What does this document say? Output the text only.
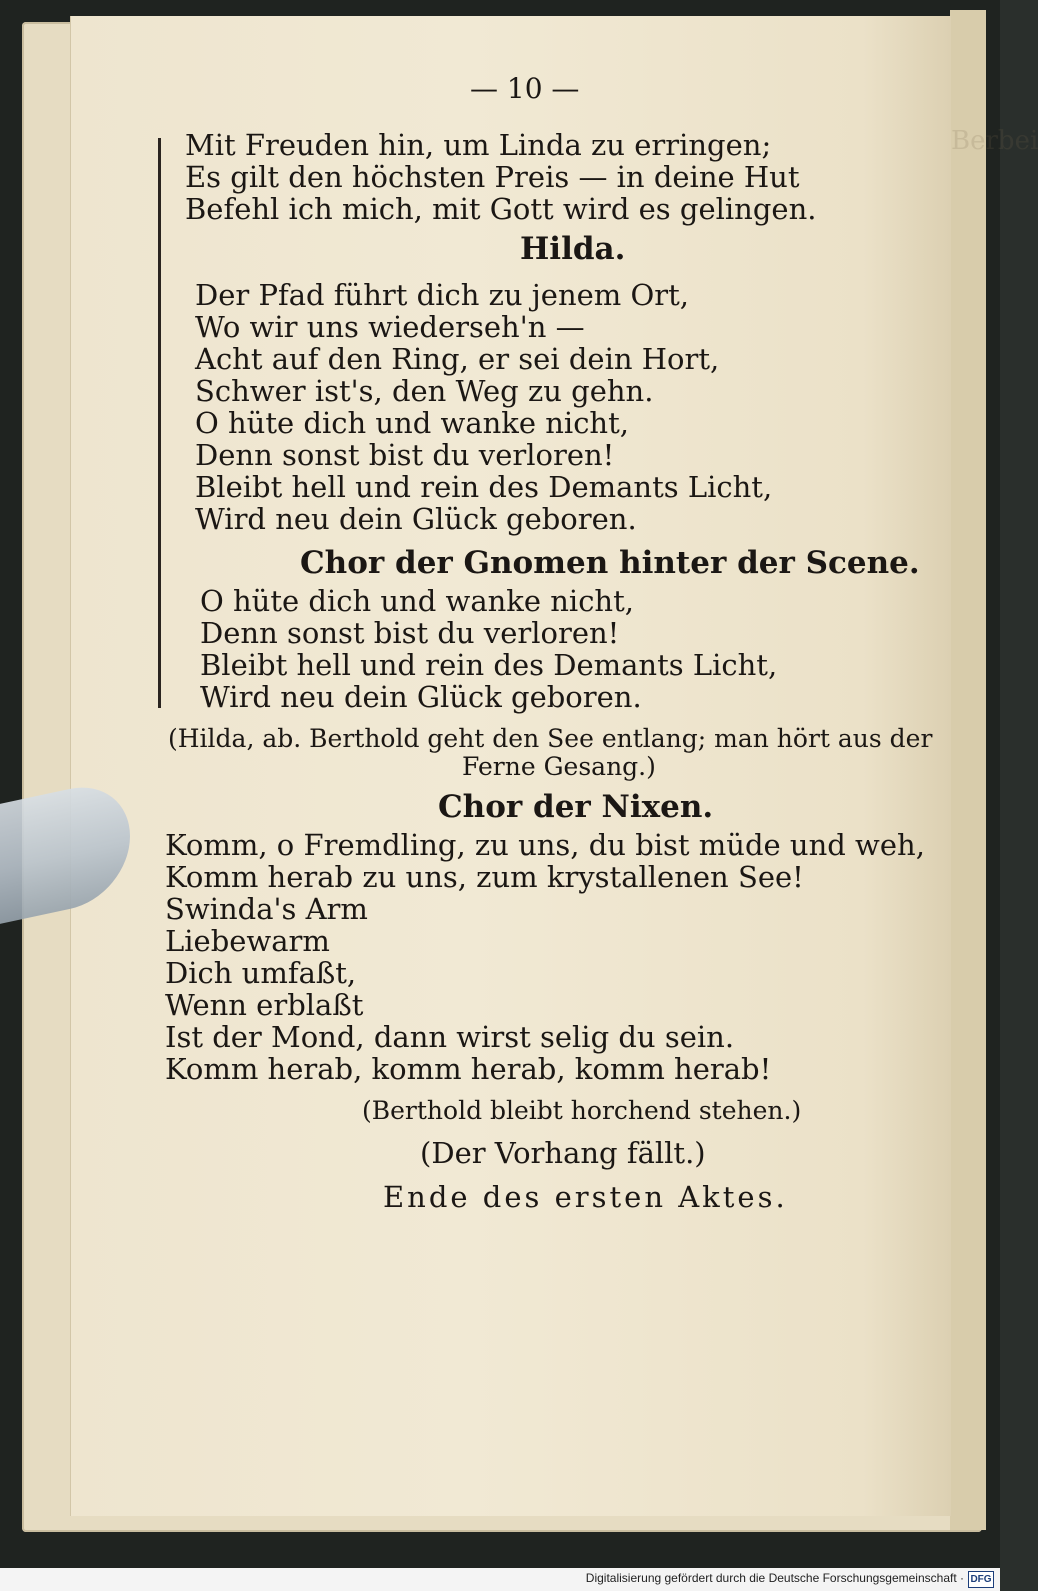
Berbei
— 10 —
Mit Freuden hin, um Linda zu erringen;
Es gilt den höchsten Preis — in deine Hut
Befehl ich mich, mit Gott wird es gelingen.
Hilda.
Der Pfad führt dich zu jenem Ort,
Wo wir uns wiederseh'n —
Acht auf den Ring, er sei dein Hort,
Schwer ist's, den Weg zu gehn.
O hüte dich und wanke nicht,
Denn sonst bist du verloren!
Bleibt hell und rein des Demants Licht,
Wird neu dein Glück geboren.
Chor der Gnomen hinter der Scene.
O hüte dich und wanke nicht,
Denn sonst bist du verloren!
Bleibt hell und rein des Demants Licht,
Wird neu dein Glück geboren.
(Hilda, ab. Berthold geht den See entlang; man hört aus der
Ferne Gesang.)
Chor der Nixen.
Komm, o Fremdling, zu uns, du bist müde und weh,
Komm herab zu uns, zum krystallenen See!
Swinda's Arm
Liebewarm
Dich umfaßt,
Wenn erblaßt
Ist der Mond, dann wirst selig du sein.
Komm herab, komm herab, komm herab!
(Berthold bleibt horchend stehen.)
(Der Vorhang fällt.)
Ende des ersten Aktes.
Digitalisierung gefördert durch die Deutsche Forschungsgemeinschaft · DFG
